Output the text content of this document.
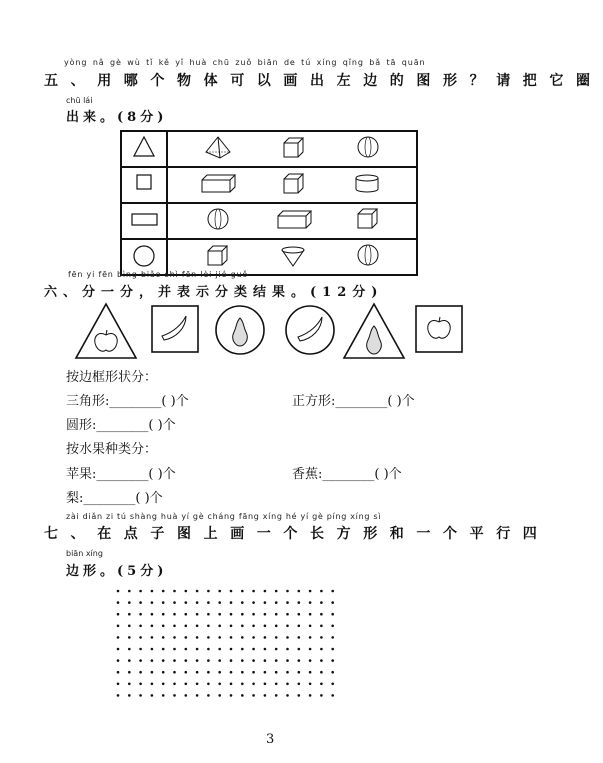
yòng nǎ gè wù tǐ kě yǐ huà chū zuǒ biān de tú xíng qǐng bǎ tā quān
五、用哪个物体可以画出左边的图形？请把它圈
chū lái
出来。(8分)

fēn yi fēn bìng biǎo shì fēn lèi jié guǒ
六、分一分，并表示分类结果。(12分)
按边框形状分：
三角形:________( )个	正方形:________( )个
圆形:________( )个
按水果种类分：
苹果:________( )个	香蕉:________( )个
梨:________( )个
zài diǎn zi tú shàng huà yí gè cháng fāng xíng hé yí gè píng xíng sì
七、在点子图上画一个长方形和一个平行四
biān xíng
边形。(5分)
3
